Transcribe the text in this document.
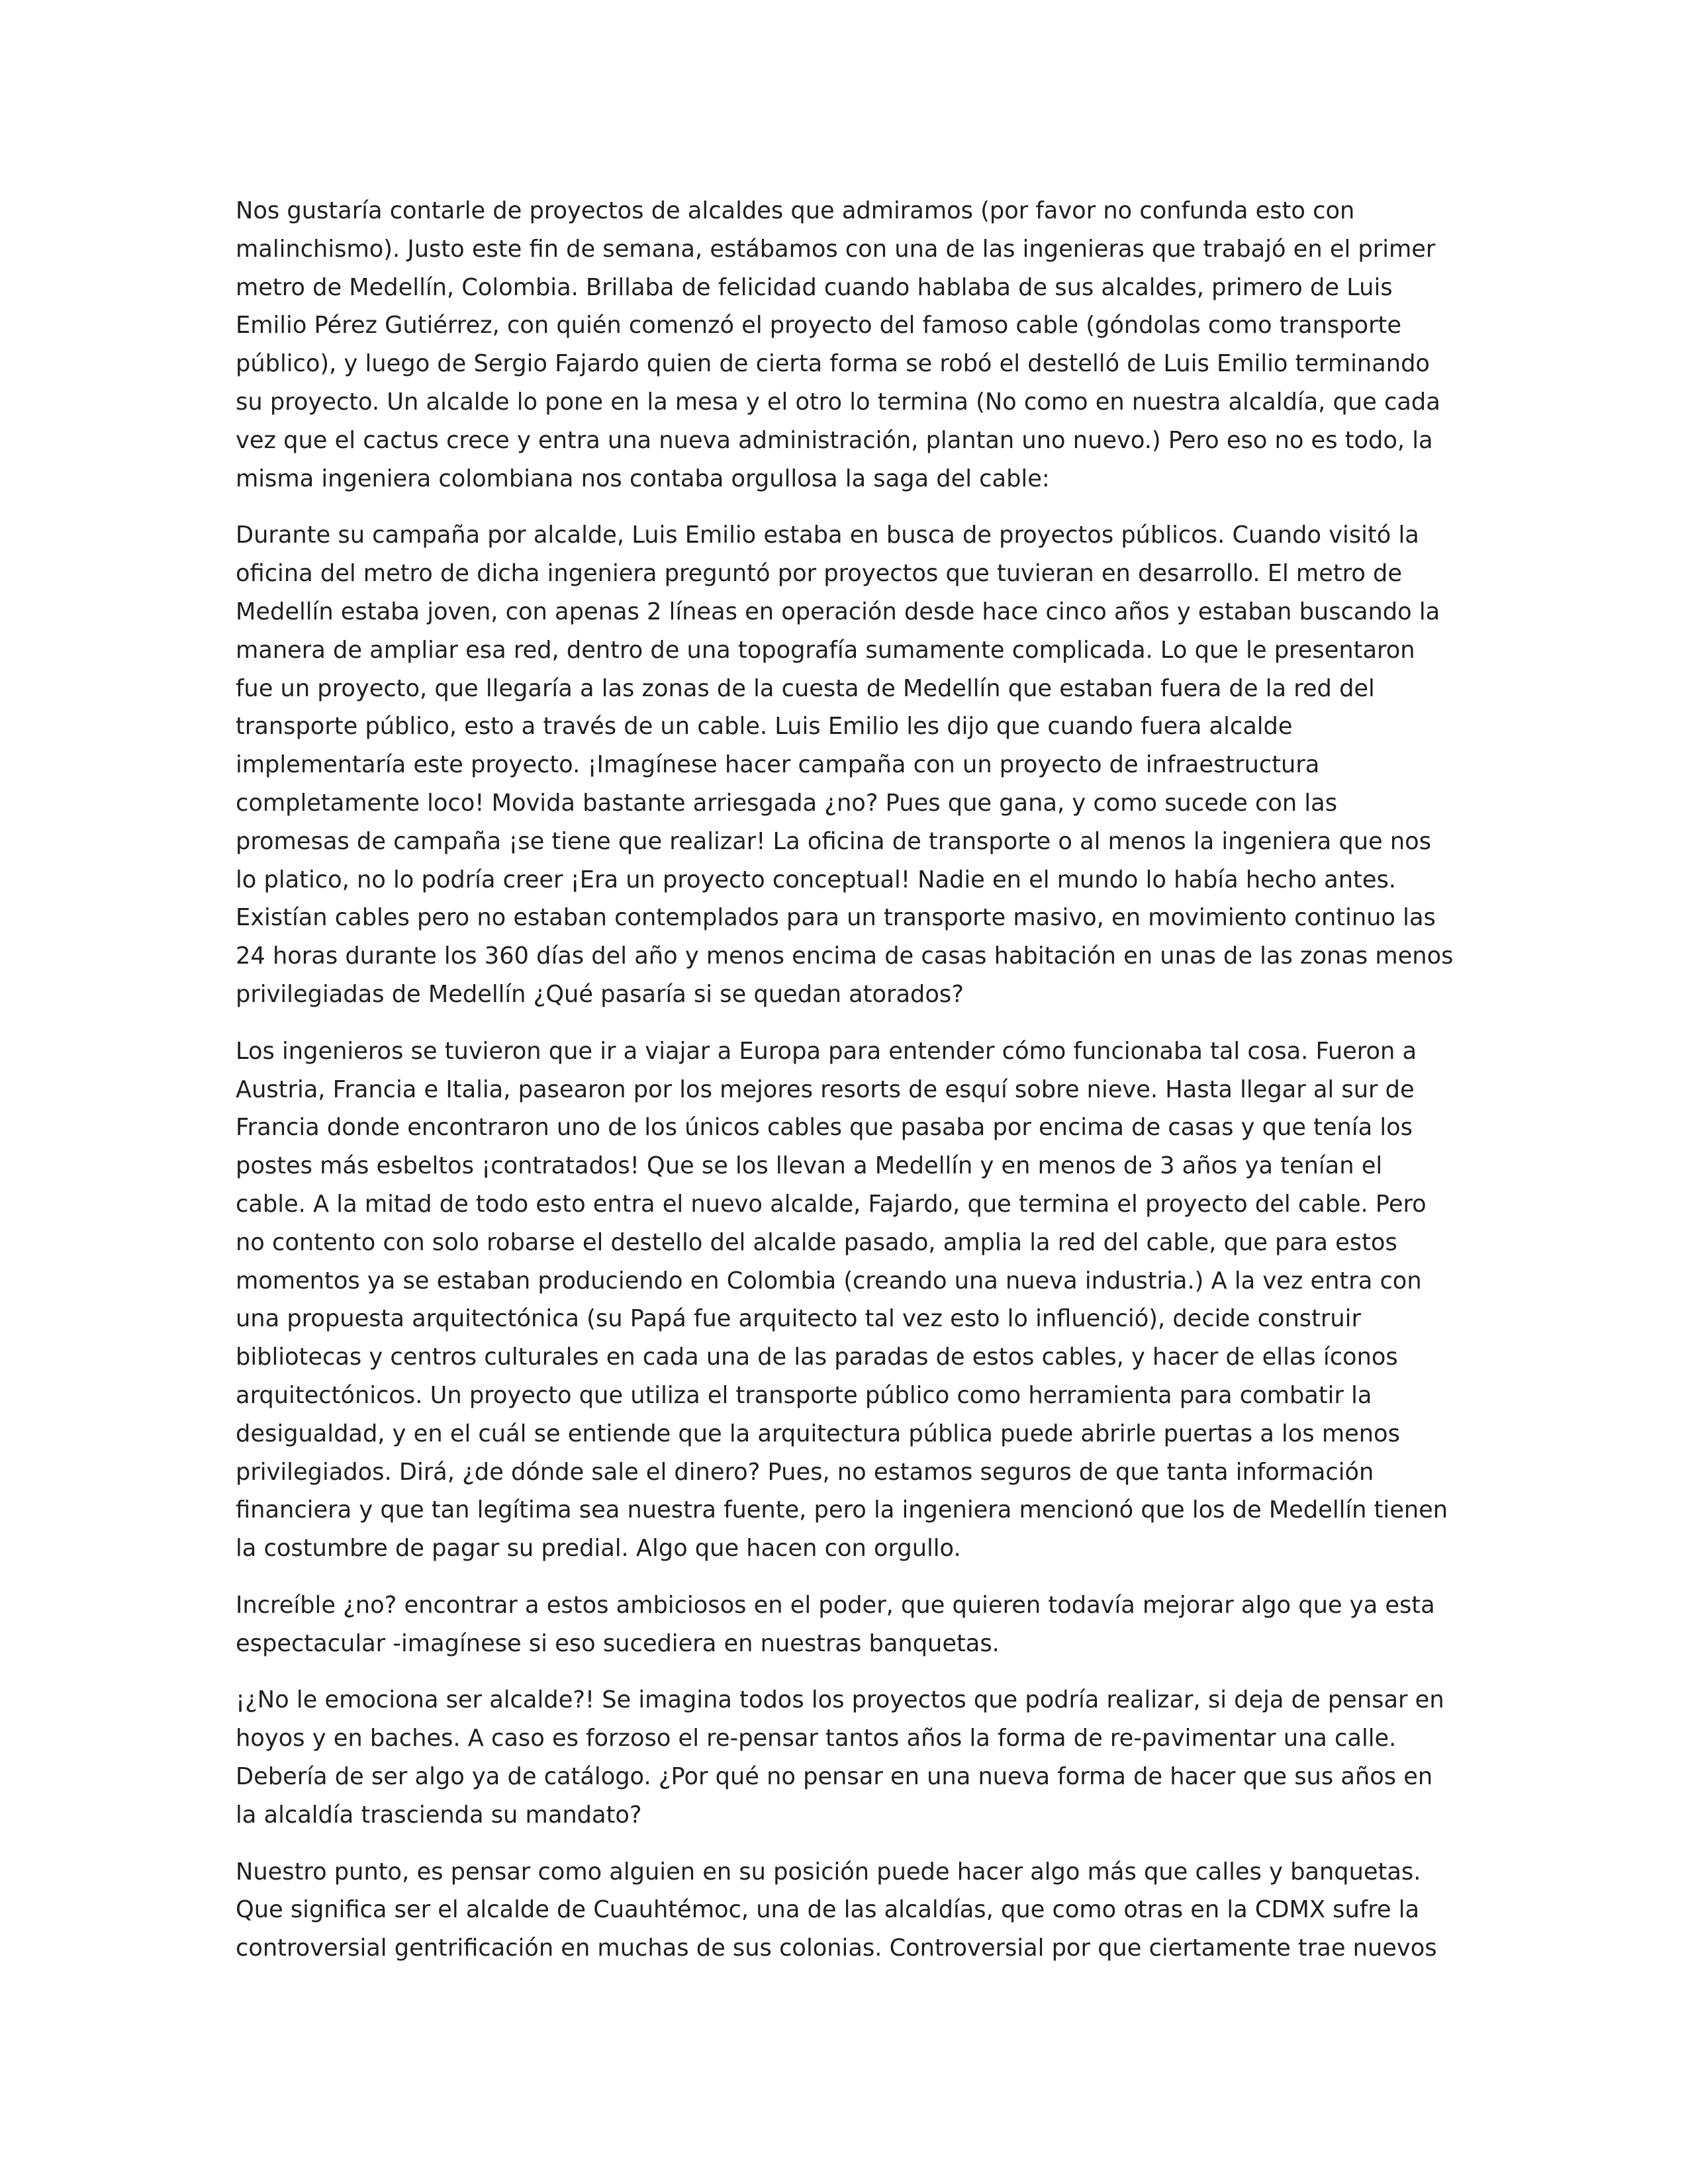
Nos gustaría contarle de proyectos de alcaldes que admiramos (por favor no confunda esto con
malinchismo). Justo este fin de semana, estábamos con una de las ingenieras que trabajó en el primer
metro de Medellín, Colombia. Brillaba de felicidad cuando hablaba de sus alcaldes, primero de Luis
Emilio Pérez Gutiérrez, con quién comenzó el proyecto del famoso cable (góndolas como transporte
público), y luego de Sergio Fajardo quien de cierta forma se robó el destelló de Luis Emilio terminando
su proyecto. Un alcalde lo pone en la mesa y el otro lo termina (No como en nuestra alcaldía, que cada
vez que el cactus crece y entra una nueva administración, plantan uno nuevo.) Pero eso no es todo, la
misma ingeniera colombiana nos contaba orgullosa la saga del cable:

Durante su campaña por alcalde, Luis Emilio estaba en busca de proyectos públicos. Cuando visitó la
oficina del metro de dicha ingeniera preguntó por proyectos que tuvieran en desarrollo. El metro de
Medellín estaba joven, con apenas 2 líneas en operación desde hace cinco años y estaban buscando la
manera de ampliar esa red, dentro de una topografía sumamente complicada. Lo que le presentaron
fue un proyecto, que llegaría a las zonas de la cuesta de Medellín que estaban fuera de la red del
transporte público, esto a través de un cable. Luis Emilio les dijo que cuando fuera alcalde
implementaría este proyecto. ¡Imagínese hacer campaña con un proyecto de infraestructura
completamente loco! Movida bastante arriesgada ¿no? Pues que gana, y como sucede con las
promesas de campaña ¡se tiene que realizar! La oficina de transporte o al menos la ingeniera que nos
lo platico, no lo podría creer ¡Era un proyecto conceptual! Nadie en el mundo lo había hecho antes.
Existían cables pero no estaban contemplados para un transporte masivo, en movimiento continuo las
24 horas durante los 360 días del año y menos encima de casas habitación en unas de las zonas menos
privilegiadas de Medellín ¿Qué pasaría si se quedan atorados?

Los ingenieros se tuvieron que ir a viajar a Europa para entender cómo funcionaba tal cosa. Fueron a
Austria, Francia e Italia, pasearon por los mejores resorts de esquí sobre nieve. Hasta llegar al sur de
Francia donde encontraron uno de los únicos cables que pasaba por encima de casas y que tenía los
postes más esbeltos ¡contratados! Que se los llevan a Medellín y en menos de 3 años ya tenían el
cable. A la mitad de todo esto entra el nuevo alcalde, Fajardo, que termina el proyecto del cable. Pero
no contento con solo robarse el destello del alcalde pasado, amplia la red del cable, que para estos
momentos ya se estaban produciendo en Colombia (creando una nueva industria.) A la vez entra con
una propuesta arquitectónica (su Papá fue arquitecto tal vez esto lo influenció), decide construir
bibliotecas y centros culturales en cada una de las paradas de estos cables, y hacer de ellas íconos
arquitectónicos. Un proyecto que utiliza el transporte público como herramienta para combatir la
desigualdad, y en el cuál se entiende que la arquitectura pública puede abrirle puertas a los menos
privilegiados. Dirá, ¿de dónde sale el dinero? Pues, no estamos seguros de que tanta información
financiera y que tan legítima sea nuestra fuente, pero la ingeniera mencionó que los de Medellín tienen
la costumbre de pagar su predial. Algo que hacen con orgullo.

Increíble ¿no? encontrar a estos ambiciosos en el poder, que quieren todavía mejorar algo que ya esta
espectacular -imagínese si eso sucediera en nuestras banquetas.

¡¿No le emociona ser alcalde?! Se imagina todos los proyectos que podría realizar, si deja de pensar en
hoyos y en baches. A caso es forzoso el re-pensar tantos años la forma de re-pavimentar una calle.
Debería de ser algo ya de catálogo. ¿Por qué no pensar en una nueva forma de hacer que sus años en
la alcaldía trascienda su mandato?

Nuestro punto, es pensar como alguien en su posición puede hacer algo más que calles y banquetas.
Que significa ser el alcalde de Cuauhtémoc, una de las alcaldías, que como otras en la CDMX sufre la
controversial gentrificación en muchas de sus colonias. Controversial por que ciertamente trae nuevos
